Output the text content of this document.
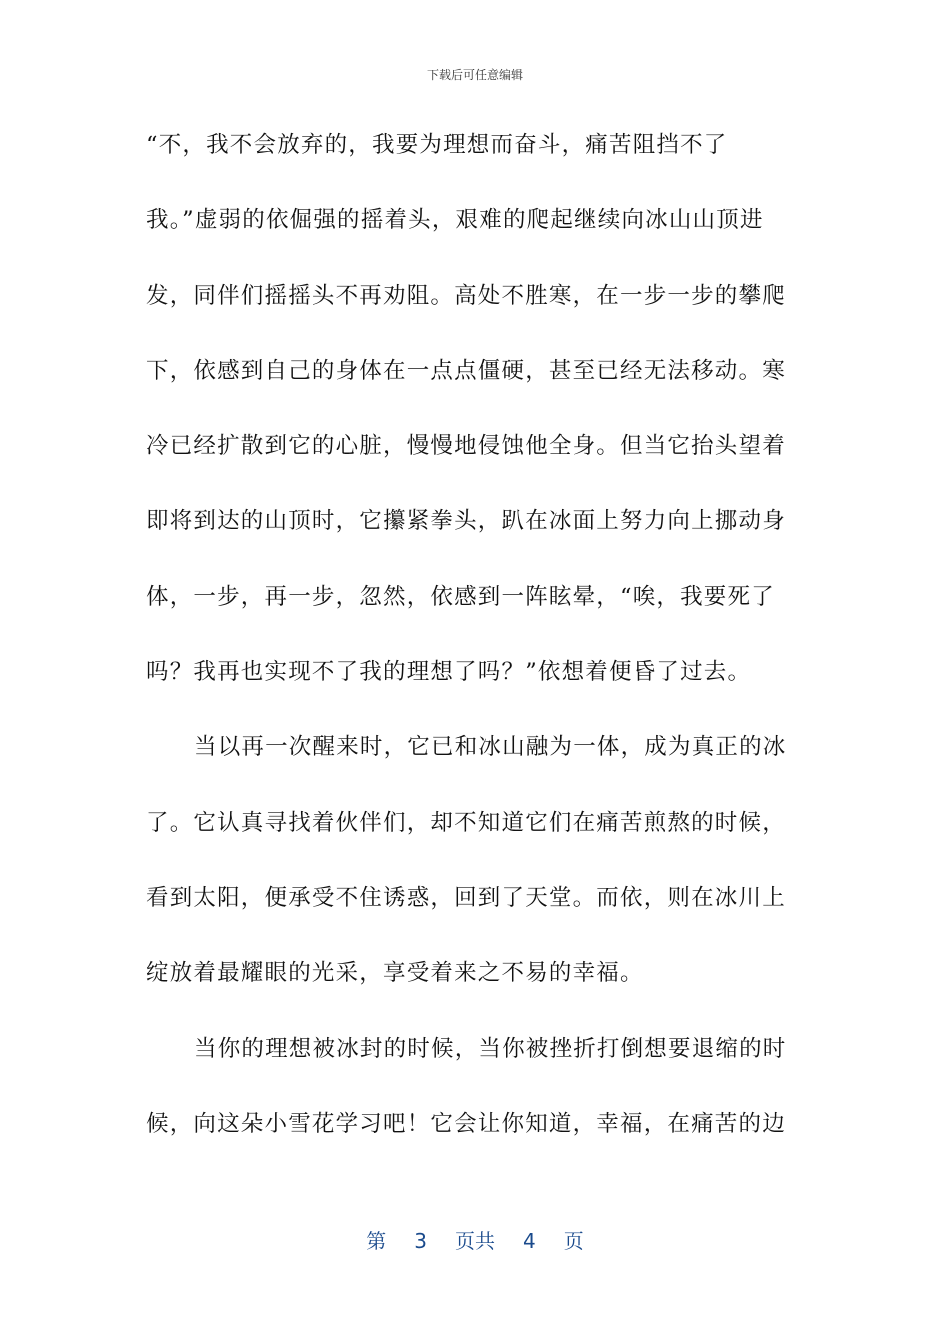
下载后可任意编辑
“不，我不会放弃的，我要为理想而奋斗，痛苦阻挡不了
我。”虚弱的依倔强的摇着头，艰难的爬起继续向冰山山顶进
发，同伴们摇摇头不再劝阻。高处不胜寒，在一步一步的攀爬
下，依感到自己的身体在一点点僵硬，甚至已经无法移动。寒
冷已经扩散到它的心脏，慢慢地侵蚀他全身。但当它抬头望着
即将到达的山顶时，它攥紧拳头，趴在冰面上努力向上挪动身
体，一步，再一步，忽然，依感到一阵眩晕，“唉，我要死了
吗？我再也实现不了我的理想了吗？”依想着便昏了过去。
当以再一次醒来时，它已和冰山融为一体，成为真正的冰
了。它认真寻找着伙伴们，却不知道它们在痛苦煎熬的时候，
看到太阳，便承受不住诱惑，回到了天堂。而依，则在冰川上
绽放着最耀眼的光采，享受着来之不易的幸福。
当你的理想被冰封的时候，当你被挫折打倒想要退缩的时
候，向这朵小雪花学习吧！它会让你知道，幸福，在痛苦的边
第 3 页共 4 页
